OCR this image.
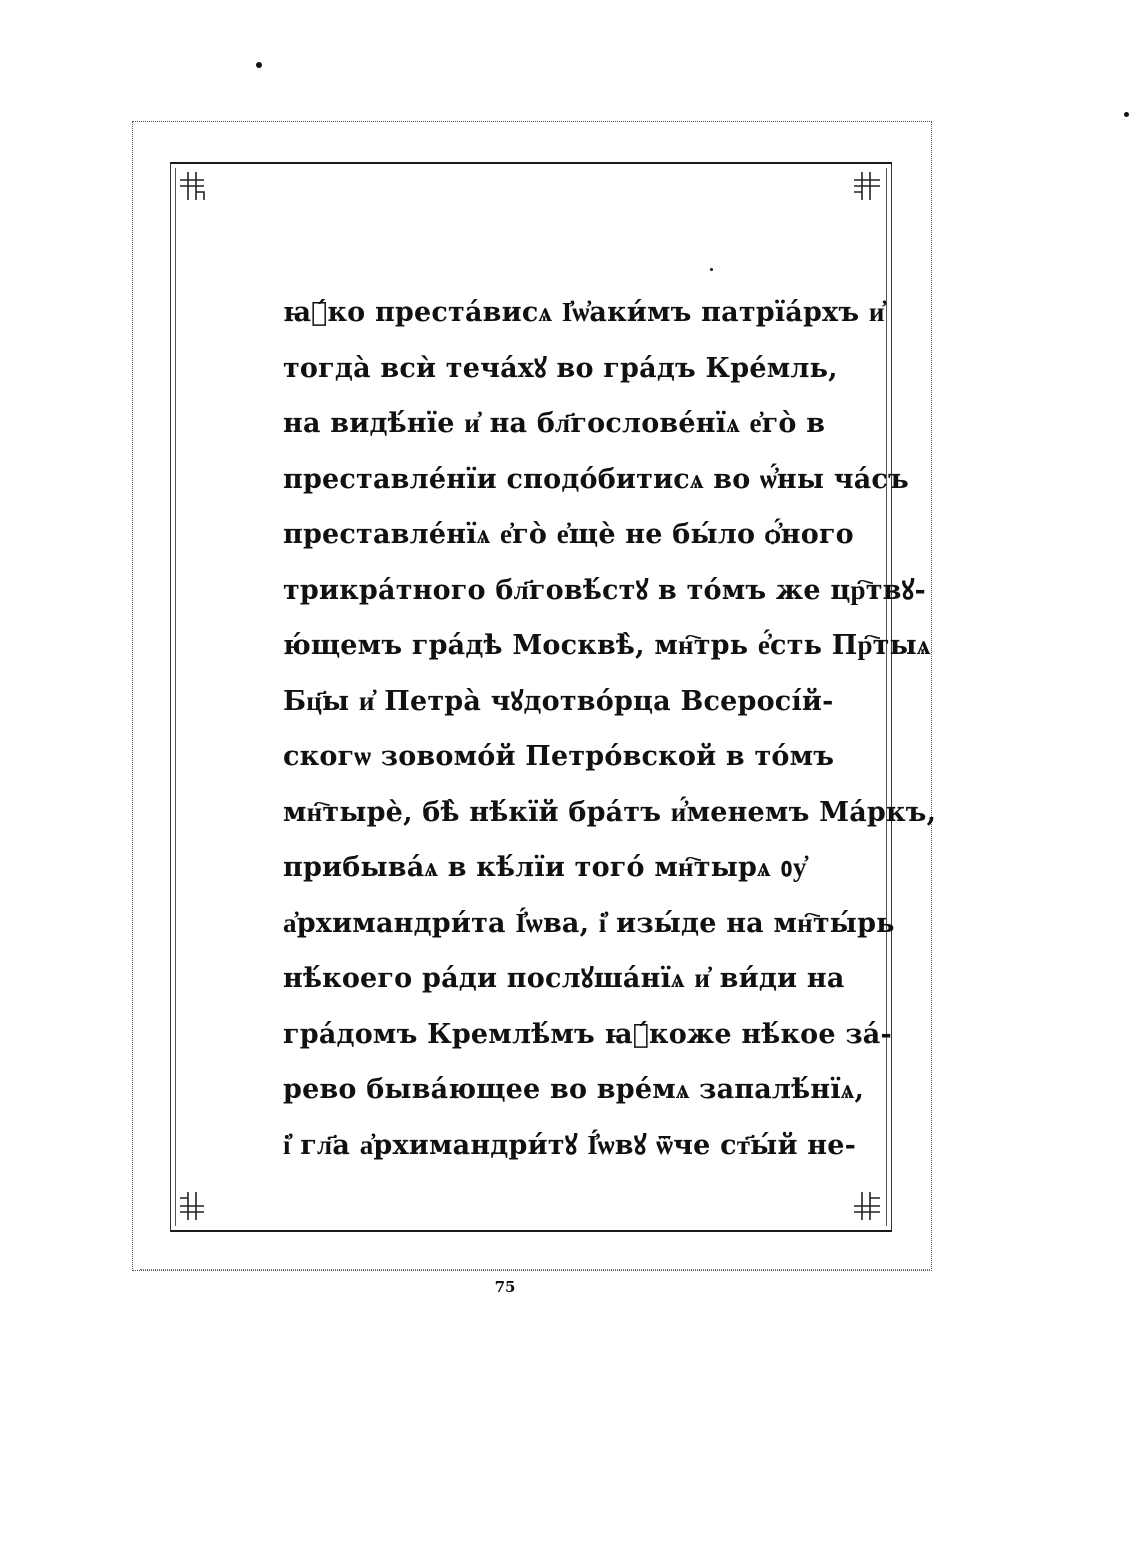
ꙗ҆́ко преста́висѧ І҆ѡ҆аки́мъ патрїа́рхъ и҆
тогда̀ всѝ теча́хꙋ во гра́дъ Кре́мль,
на видѣ́нїе и҆ на бл҃гослове́нїѧ е҆го̀ в
преставле́нїи сподо́битисѧ во ѡ҆́ны ча́съ
преставле́нїѧ е҆го̀ е҆щѐ не бы́ло ѻ҆́ного
трикра́тного бл҃говѣ́стꙋ в то́мъ же цр҇твꙋ-
ю́щемъ гра́дѣ Москвѣ̀, мн҇трь е҆́сть Пр҇тыѧ
Бц҃ы и҆ Петра̀ чꙋдотво́рца Всеросі́й-
скогѡ зовомо́й Петро́вской в то́мъ
мн҇тырѐ, бѣ̀ нѣ́кїй бра́тъ и҆́менемъ Ма́ркъ,
прибыва́ѧ в кѣ́лїи того́ мн҇тырѧ ᲂу҆
а҆рхимандри́та І҆́ѡва, і҆ изы́де на мн҇ты́рь
нѣ́коего ра́ди послꙋша́нїѧ и҆ ви́ди на
гра́домъ Кремлѣ́мъ ꙗ҆́коже нѣ́кое за́-
рево быва́ющее во вре́мѧ запалѣ́нїѧ,
і҆ гл҃а а҆рхимандри́тꙋ І҆́ѡвꙋ ѿче ст҃ы́й не-
75
